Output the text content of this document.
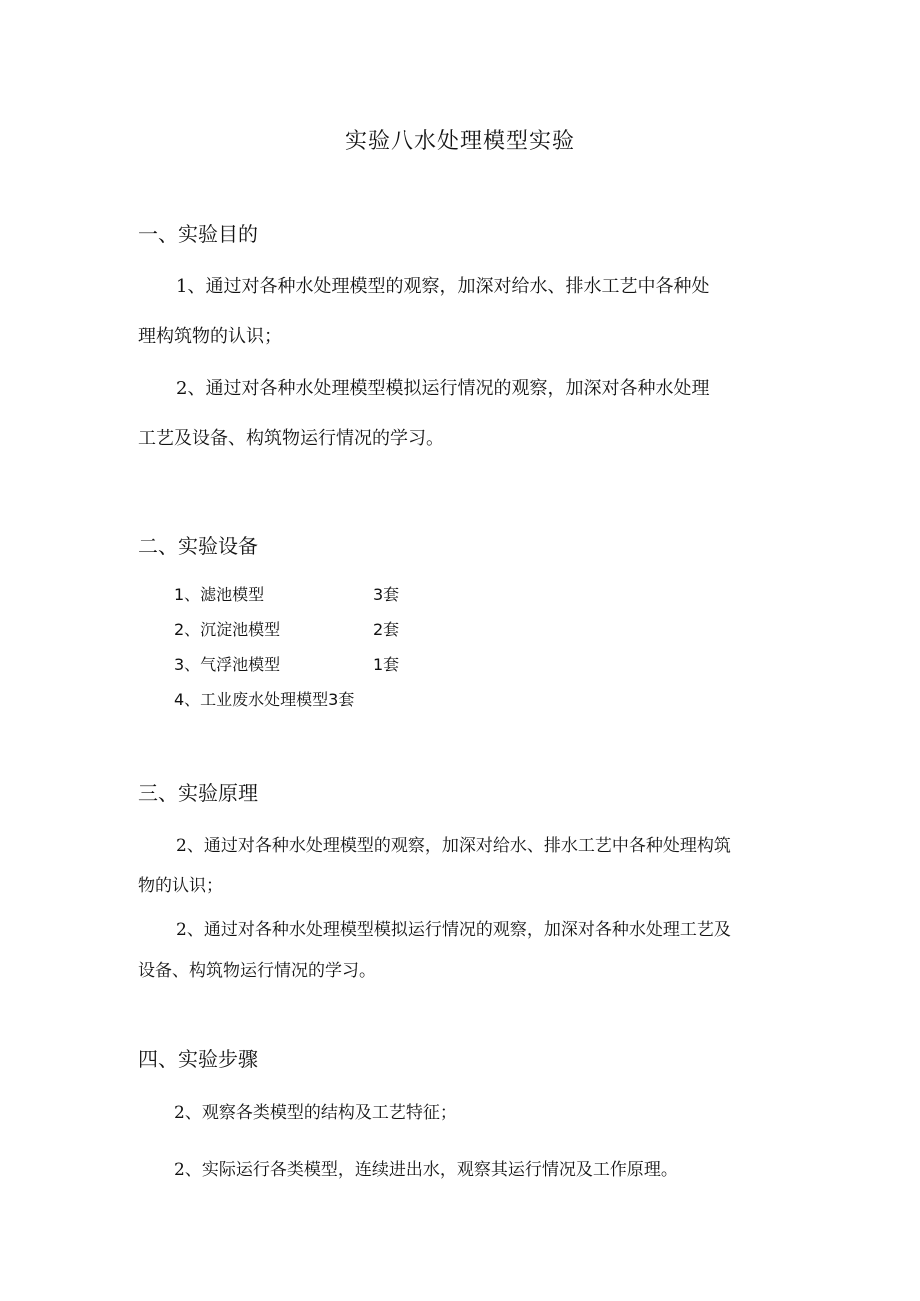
实验八水处理模型实验
一、实验目的
1、通过对各种水处理模型的观察，加深对给水、排水工艺中各种处
理构筑物的认识；
2、通过对各种水处理模型模拟运行情况的观察，加深对各种水处理
工艺及设备、构筑物运行情况的学习。
二、实验设备
1、滤池模型	3套
2、沉淀池模型	2套
3、气浮池模型	1套
4、工业废水处理模型3套
三、实验原理
2、通过对各种水处理模型的观察，加深对给水、排水工艺中各种处理构筑
物的认识；
2、通过对各种水处理模型模拟运行情况的观察，加深对各种水处理工艺及
设备、构筑物运行情况的学习。
四、实验步骤
2、观察各类模型的结构及工艺特征；
2、实际运行各类模型，连续进出水，观察其运行情况及工作原理。
